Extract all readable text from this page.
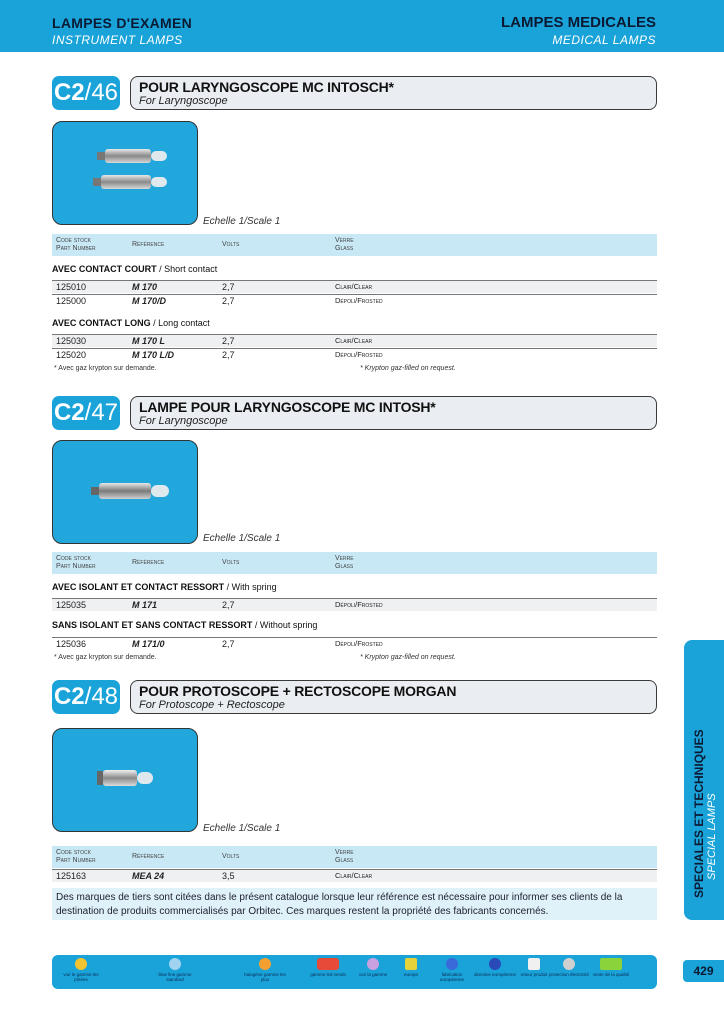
LAMPES D'EXAMEN
INSTRUMENT LAMPS
LAMPES MEDICALES
MEDICAL LAMPS
C2/46 POUR LARYNGOSCOPE MC INTOSCH*
For Laryngoscope
Echelle 1/Scale 1
Code stock
Part Number
Référence	Volts
Verre
Glass
AVEC CONTACT COURT / Short contact
125010	M 170	2,7	Clair/Clear
125000	M 170/D	2,7	Dépoli/Frosted
AVEC CONTACT LONG / Long contact
125030	M 170 L	2,7	Clair/Clear
125020	M 170 L/D	2,7	Dépoli/Frosted
* Avec gaz krypton sur demande.	* Krypton gaz-filled on request.
C2/47 LAMPE POUR LARYNGOSCOPE MC INTOSH*
For Laryngoscope
Echelle 1/Scale 1
Code stock
Part Number
Référence	Volts
Verre
Glass
AVEC ISOLANT ET CONTACT RESSORT / With spring
125035	M 171	2,7	Dépoli/Frosted
SANS ISOLANT ET SANS CONTACT RESSORT / Without spring
125036	M 171/0	2,7	Dépoli/Frosted
* Avec gaz krypton sur demande.	* Krypton gaz-filled on request.
C2/48 POUR PROTOSCOPE + RECTOSCOPE MORGAN
For Protoscope + Rectoscope
Echelle 1/Scale 1
Code stock
Part Number
Référence	Volts
Verre
Glass
125163	MEA 24	3,5	Clair/Clear
Des marques de tiers sont citées dans le présent catalogue lorsque leur référence est nécessaire pour informer ses clients de la destination de produits commercialisés par Orbitec. Ces marques restent la propriété des fabricants concernés.
SPECIALES ET TECHNIQUES SPECIAL LAMPS
voir le gamme les pritées
blue line gamme standard
halogène gamme les plus
gamme led vends	voir la gamme	europe	fabrication européenne
directive européenne	retour produit protection électricité vente de la qualité	429
